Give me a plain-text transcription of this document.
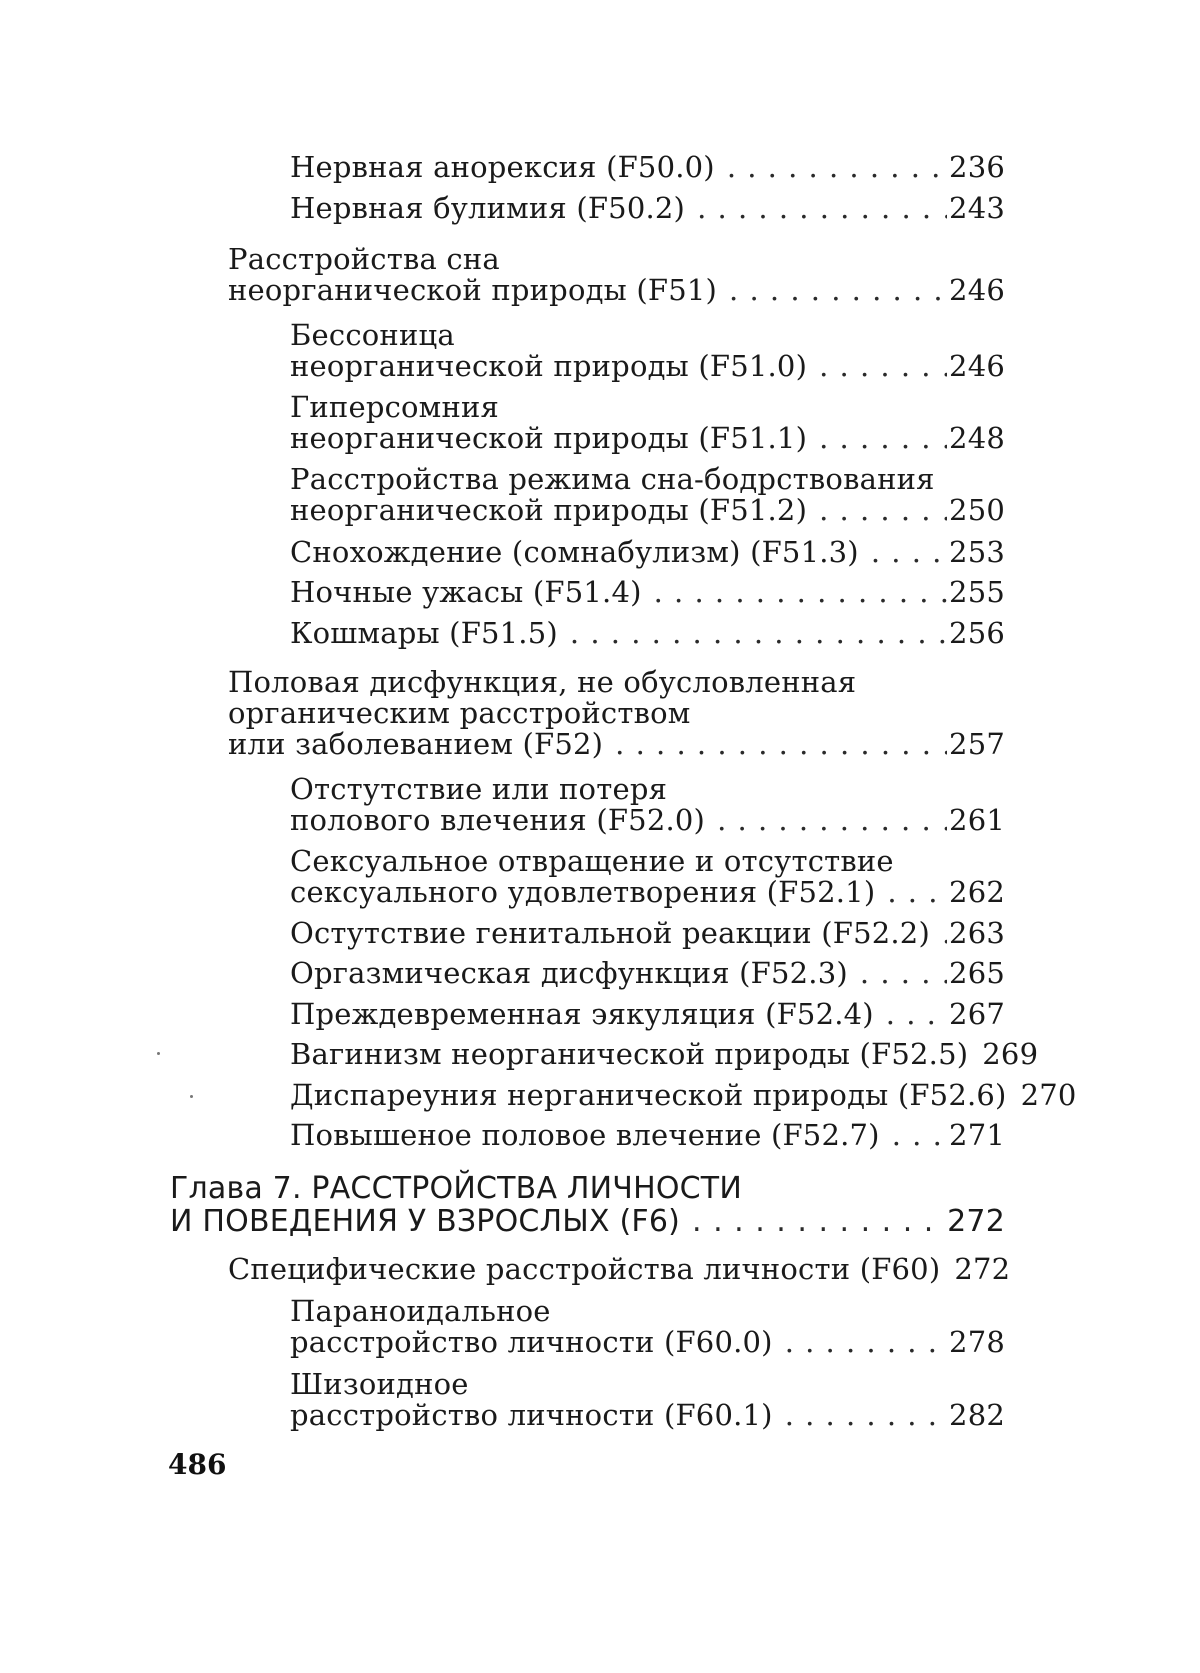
Нервная анорексия (F50.0) . . .	236
Нервная булимия (F50.2) . . .	243
Расстройства сна
неорганической природы (F51) . . .	246
Бессоница
неорганической природы (F51.0) . . .	246
Гиперсомния
неорганической природы (F51.1) . . .	248
Расстройства режима сна-бодрствования
неорганической природы (F51.2) . . .	250
Снохождение (сомнабулизм) (F51.3) . . .	253
Ночные ужасы (F51.4) . . .	255
Кошмары (F51.5) . . .	256
Половая дисфункция, не обусловленная
органическим расстройством
или заболеванием (F52) . . .	257
Отстутствие или потеря
полового влечения (F52.0) . . .	261
Сексуальное отвращение и отсутствие
сексуального удовлетворения (F52.1) . . .	262
Остутствие генитальной реакции (F52.2) . . . 263
Оргазмическая дисфункция (F52.3) . . .	265
Преждевременная эякуляция (F52.4) . . .	267
Вагинизм неорганической природы (F52.5) 269
Диспареуния нерганической природы (F52.6) 270
Повышеное половое влечение (F52.7) . . . 271
Глава 7. РАССТРОЙСТВА ЛИЧНОСТИ
И ПОВЕДЕНИЯ У ВЗРОСЛЫХ (F6) . . .	272
Специфические расстройства личности (F60) 272
Параноидальное
расстройство личности (F60.0) . . .	278
Шизоидное
расстройство личности (F60.1) . . .	282
486
